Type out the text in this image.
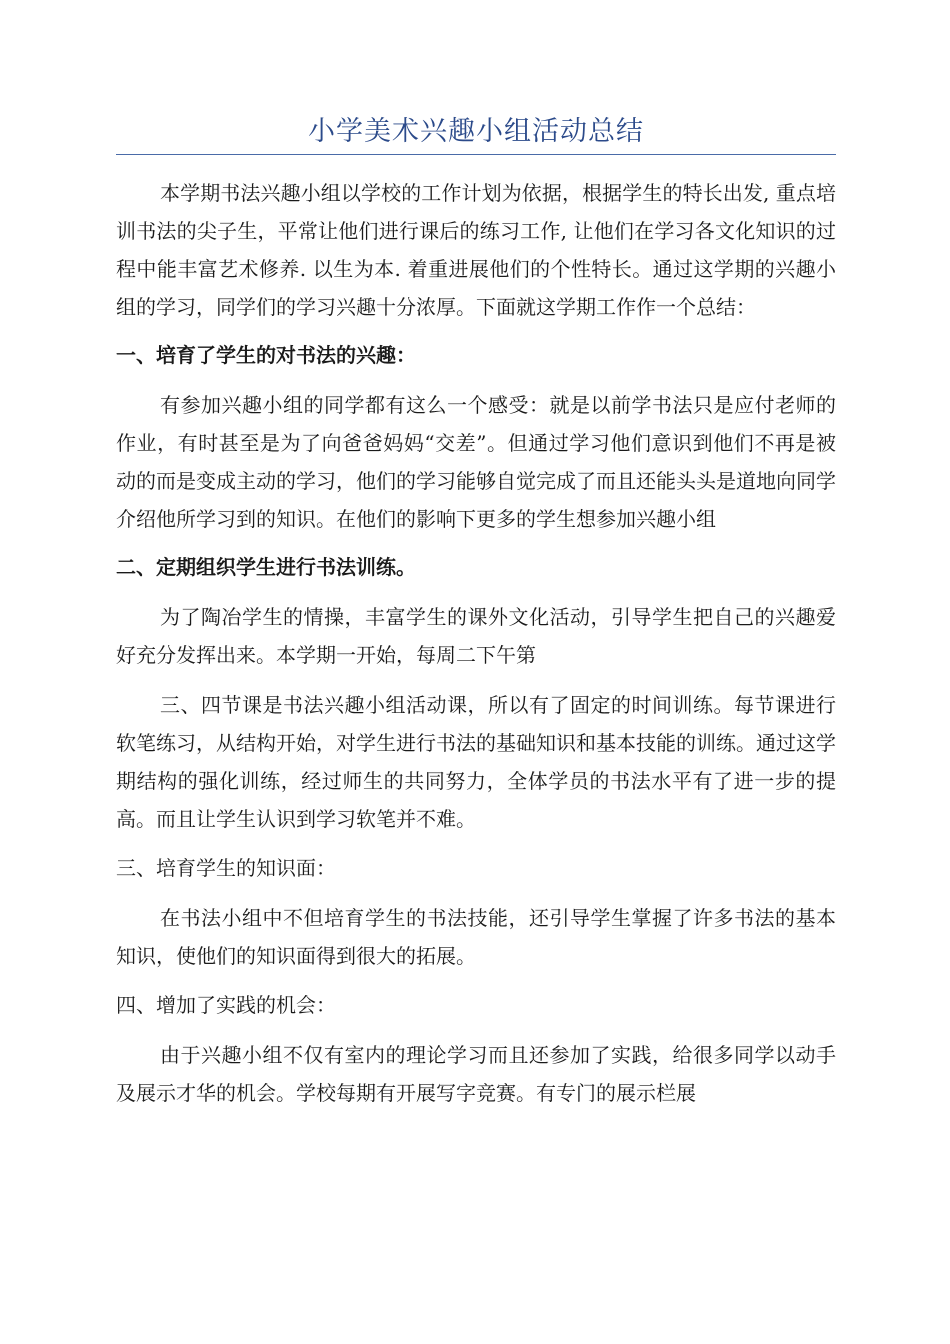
小学美术兴趣小组活动总结

本学期书法兴趣小组以学校的工作计划为依据，根据学生的特长出发, 重点培训书法的尖子生，平常让他们进行课后的练习工作, 让他们在学习各文化知识的过程中能丰富艺术修养. 以生为本. 着重进展他们的个性特长。通过这学期的兴趣小组的学习，同学们的学习兴趣十分浓厚。下面就这学期工作作一个总结：

一、培育了学生的对书法的兴趣：

有参加兴趣小组的同学都有这么一个感受：就是以前学书法只是应付老师的作业，有时甚至是为了向爸爸妈妈“交差”。但通过学习他们意识到他们不再是被动的而是变成主动的学习，他们的学习能够自觉完成了而且还能头头是道地向同学介绍他所学习到的知识。在他们的影响下更多的学生想参加兴趣小组

二、定期组织学生进行书法训练。

为了陶冶学生的情操，丰富学生的课外文化活动，引导学生把自己的兴趣爱好充分发挥出来。本学期一开始，每周二下午第

三、四节课是书法兴趣小组活动课，所以有了固定的时间训练。每节课进行软笔练习，从结构开始，对学生进行书法的基础知识和基本技能的训练。通过这学期结构的强化训练，经过师生的共同努力，全体学员的书法水平有了进一步的提高。而且让学生认识到学习软笔并不难。

三、培育学生的知识面：

在书法小组中不但培育学生的书法技能，还引导学生掌握了许多书法的基本知识，使他们的知识面得到很大的拓展。

四、增加了实践的机会：

由于兴趣小组不仅有室内的理论学习而且还参加了实践，给很多同学以动手及展示才华的机会。学校每期有开展写字竞赛。有专门的展示栏展
